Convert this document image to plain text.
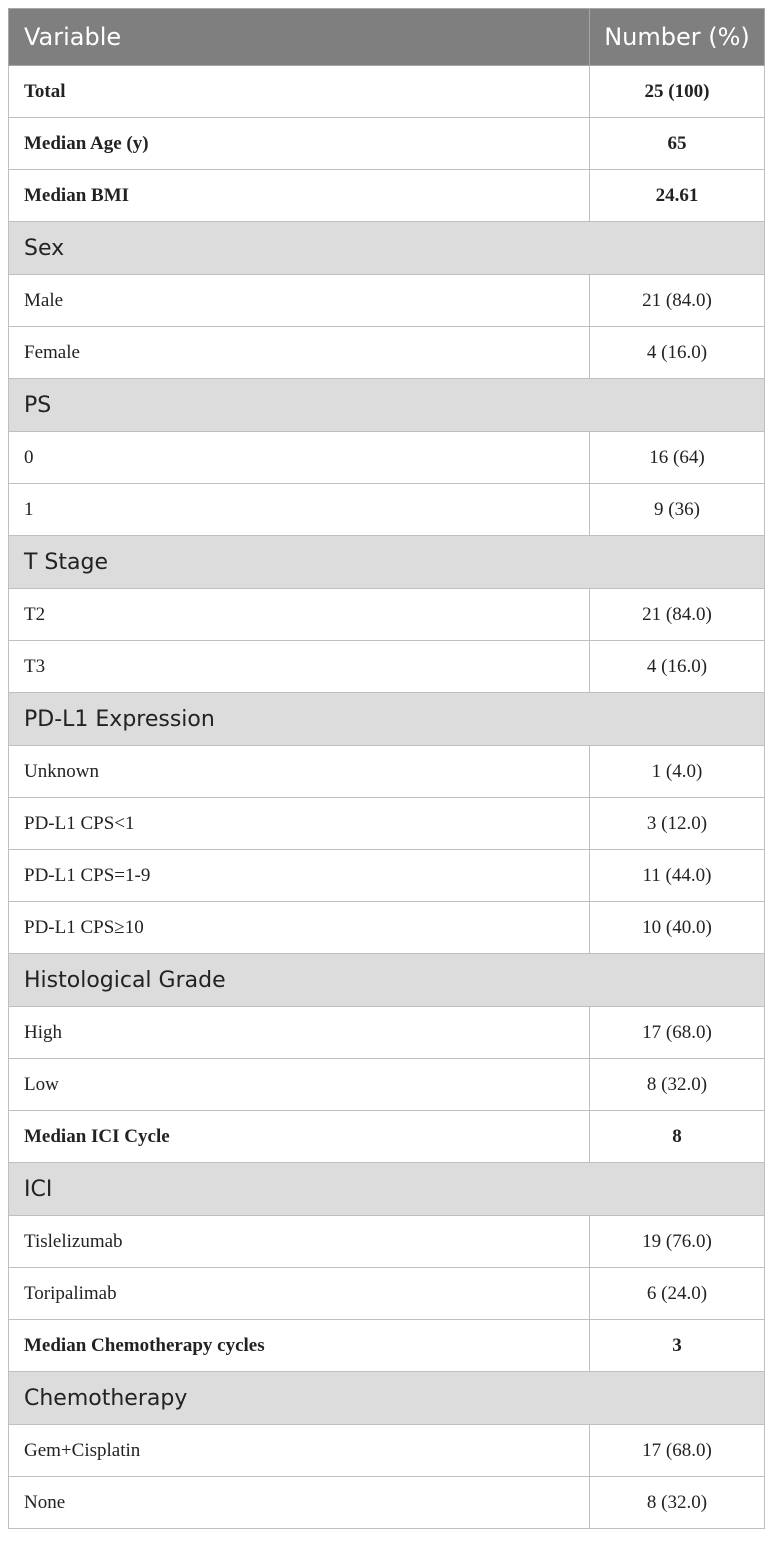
Variable	Number (%)
Total	25 (100)
Median Age (y)	65
Median BMI	24.61
Sex	
Male	21 (84.0)
Female	4 (16.0)
PS	
0	16 (64)
1	9 (36)
T Stage	
T2	21 (84.0)
T3	4 (16.0)
PD-L1 Expression	
Unknown	1 (4.0)
PD-L1 CPS<1	3 (12.0)
PD-L1 CPS=1-9	11 (44.0)
PD-L1 CPS≥10	10 (40.0)
Histological Grade	
High	17 (68.0)
Low	8 (32.0)
Median ICI Cycle	8
ICI	
Tislelizumab	19 (76.0)
Toripalimab	6 (24.0)
Median Chemotherapy cycles	3
Chemotherapy	
Gem+Cisplatin	17 (68.0)
None	8 (32.0)
